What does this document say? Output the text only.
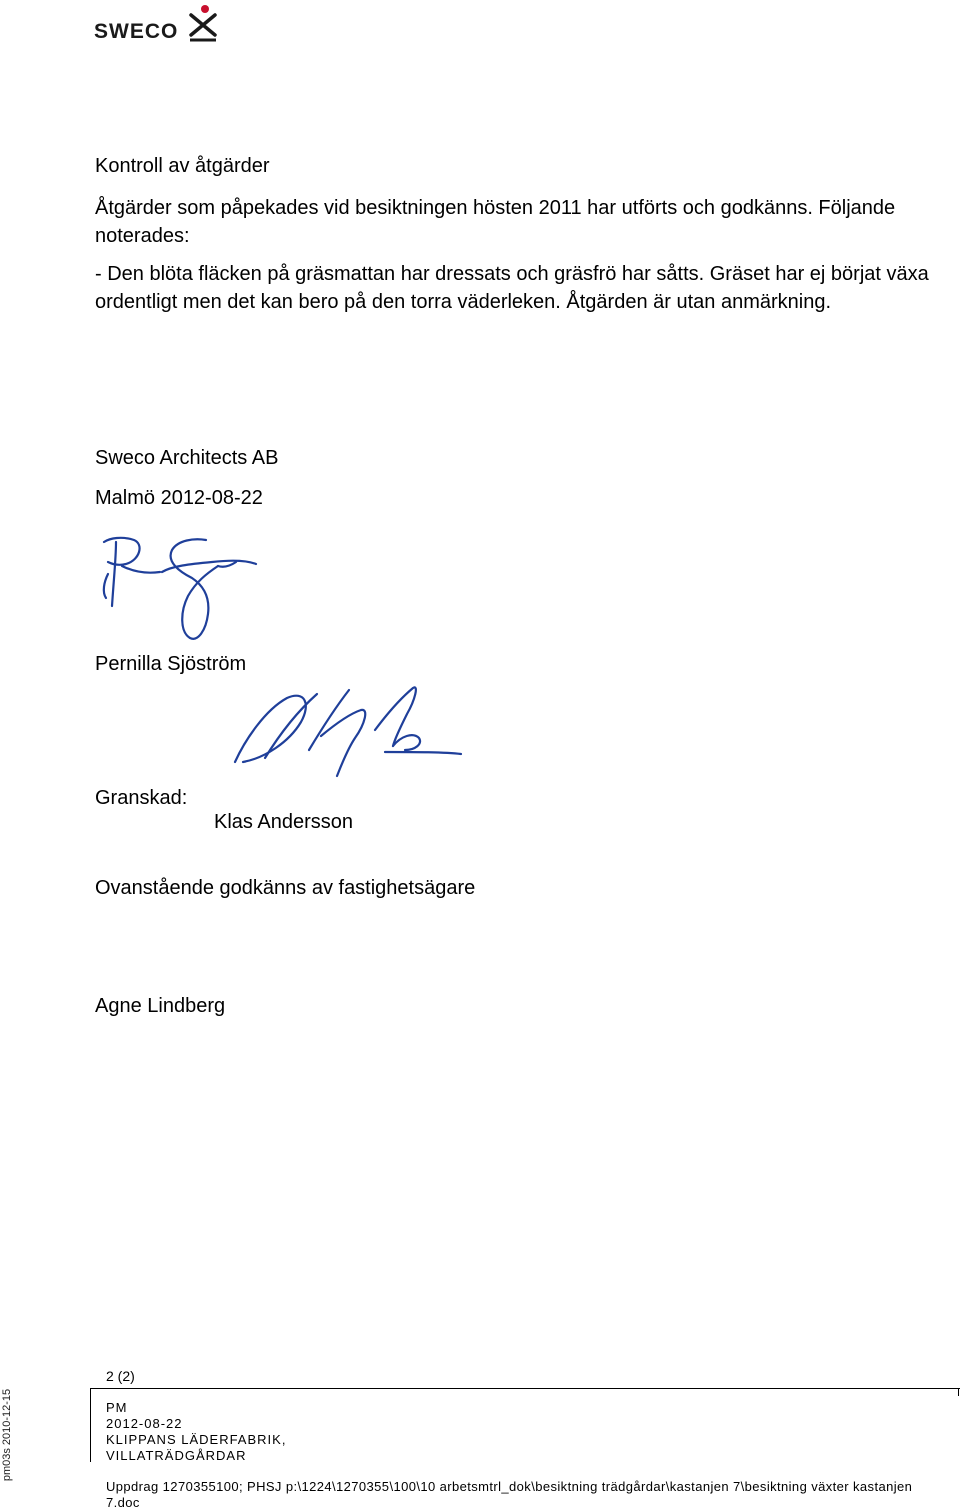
SWECO
Kontroll av åtgärder
Åtgärder som påpekades vid besiktningen hösten 2011 har utförts och godkänns. Följande noterades:
- Den blöta fläcken på gräsmattan har dressats och gräsfrö har såtts. Gräset har ej börjat växa ordentligt men det kan bero på den torra väderleken. Åtgärden är utan anmärkning.
Sweco Architects AB
Malmö 2012-08-22
Pernilla Sjöström
Granskad:
Klas Andersson
Ovanstående godkänns av fastighetsägare
Agne Lindberg
pm03s 2010-12-15
2 (2)
PM
2012-08-22
KLIPPANS LÄDERFABRIK,
VILLATRÄDGÅRDAR
Uppdrag 1270355100; PHSJ p:\1224\1270355\100\10 arbetsmtrl_dok\besiktning trädgårdar\kastanjen 7\besiktning växter kastanjen
7.doc
